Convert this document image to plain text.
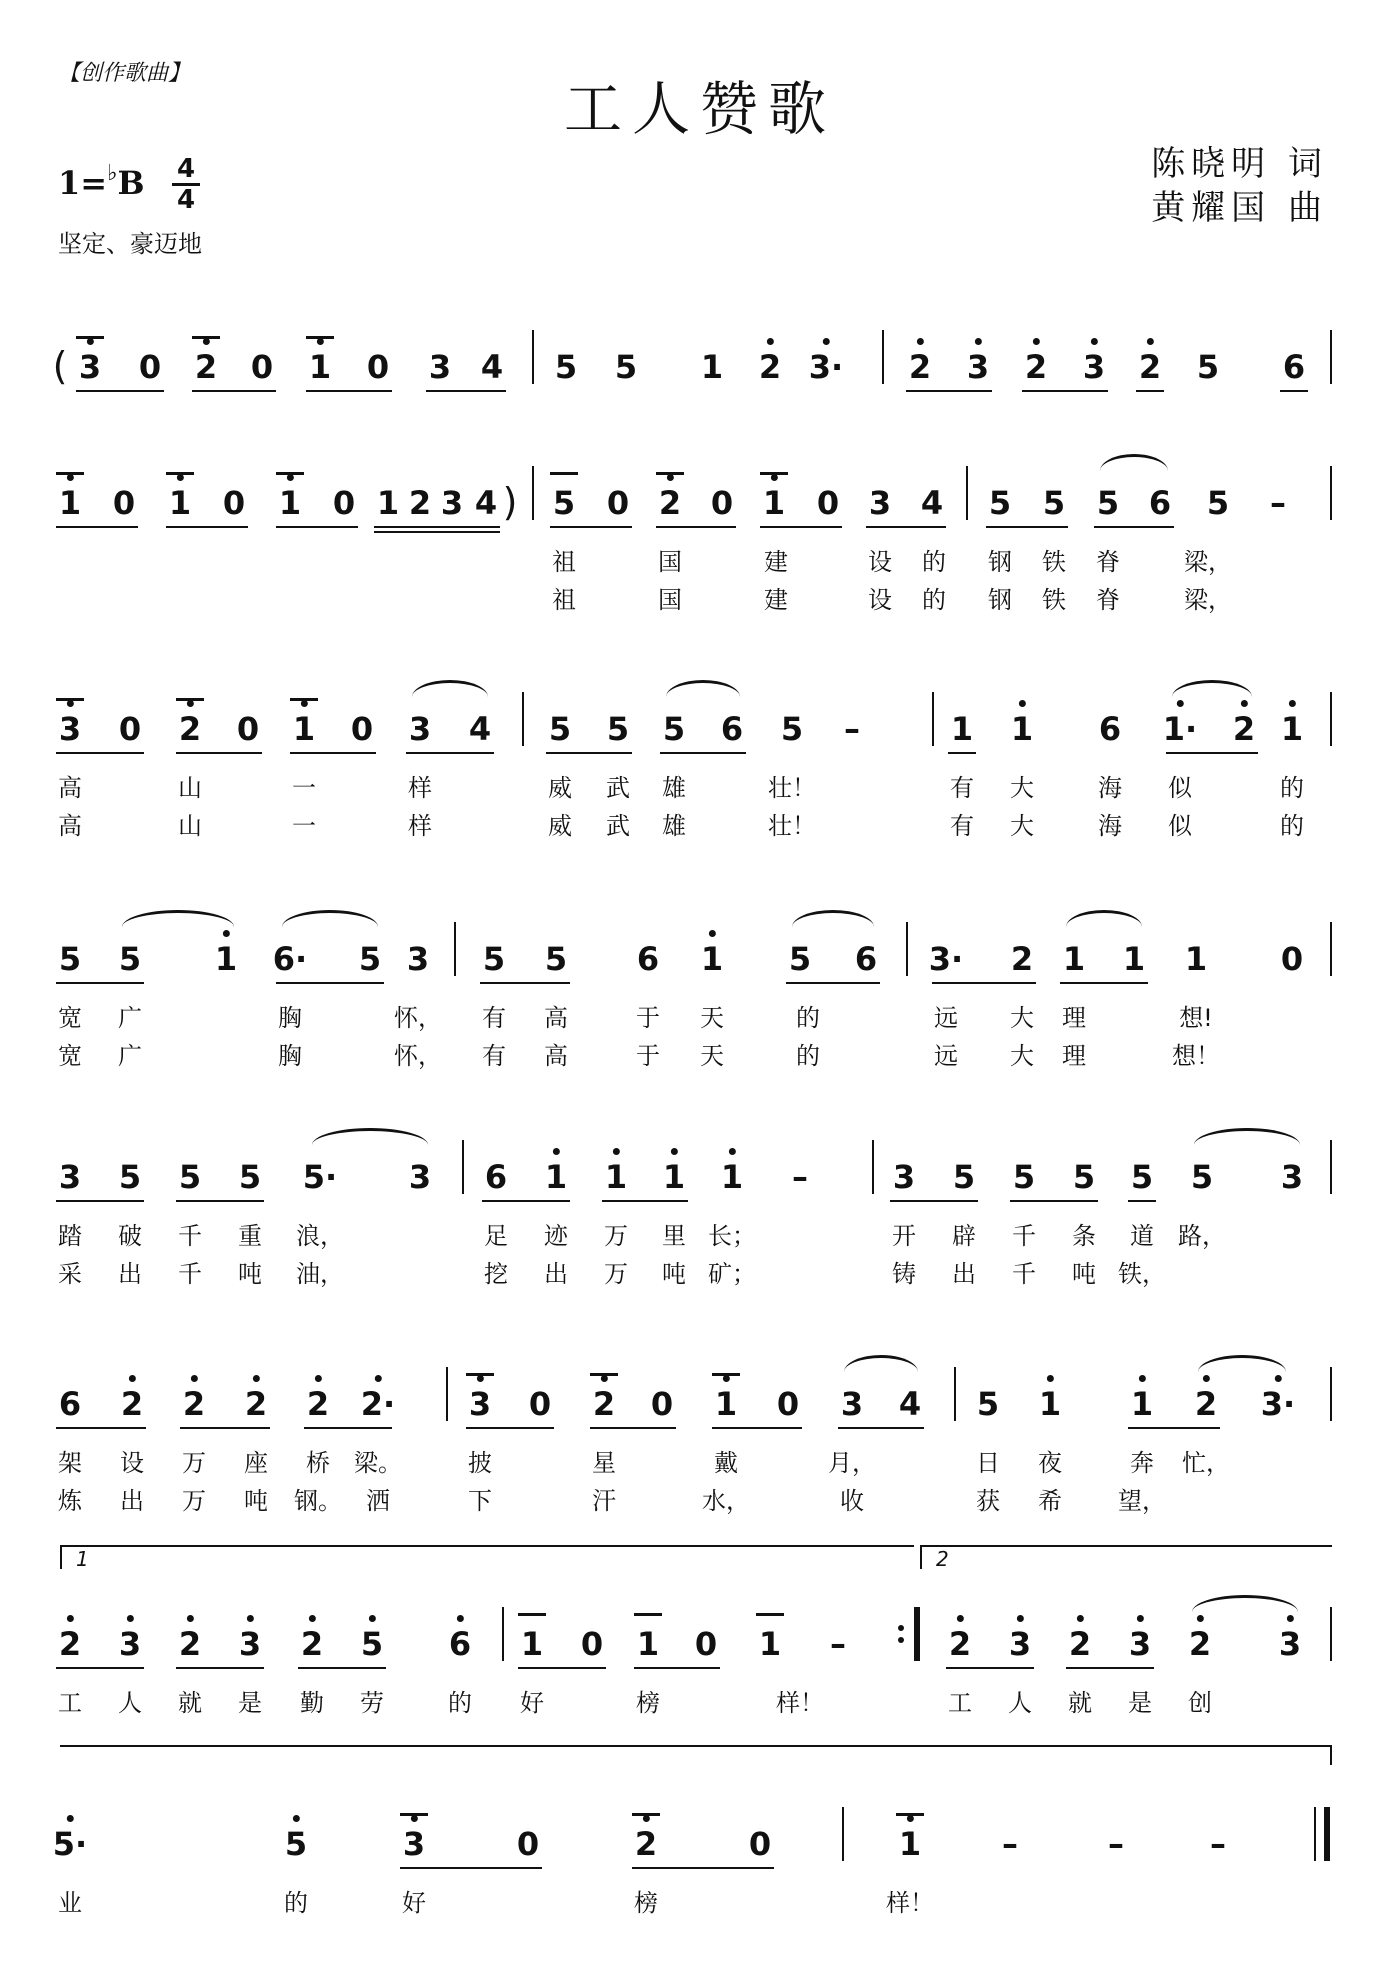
【创作歌曲】
工人赞歌
陈晓明 词
黄耀国 曲
1=♭B 4
4
坚定、豪迈地
3 0 2 0 1 0 3 4 5 5 1 2 3· 2 3 2 3 2 5 6
(
1 0 1 0 1 0 1 2 3 4 5 0 2 0 1 0 3 4 5 5 5 6 5 –
)
祖	国	建	设 的 钢 铁 脊	梁，
祖	国	建	设 的 钢 铁 脊	梁，
3 0 2 0 1 0 3 4 5 5 5 6 5 –	1 1 6 1· 2 1
高	山	一	样	威 武 雄	壮！	有 大	海 似	的
高	山	一	样	威 武 雄	壮！	有 大	海 似	的
5 5 1 6· 5 3 5 5 6 1 5 6 3· 2 1 1 1 0
宽 广	胸	怀， 有 高	于 天	的	远 大 理	想!
宽 广	胸	怀， 有 高	于 天	的	远 大 理	想！
3 5 5 5 5· 3 6 1 1 1 1 –	3 5 5 5 5 5 3
踏 破 千 重 浪，	足 迹 万 里 长；	开 辟 千 条 道 路，
采 出 千 吨 油，	挖 出 万 吨 矿；	铸 出 千 吨 铁，
6 2 2 2 2 2· 3 0 2 0 1 0 3 4 5 1 1 2 3·
架 设 万 座 桥 梁。	披	星	戴	月，	日 夜	奔 忙，
炼 出 万 吨 钢。 洒	下	汗	水，	收	获 希 望，
2 3 2 3 2 5 6 1 0 1 0 1 –	2 3 2 3 2 3
1	2
工 人 就 是 勤 劳	的 好	榜	样！	工 人 就 是 创
5·	5	3	0	2	0	1	–	–	–
业	的	好	榜	样！
